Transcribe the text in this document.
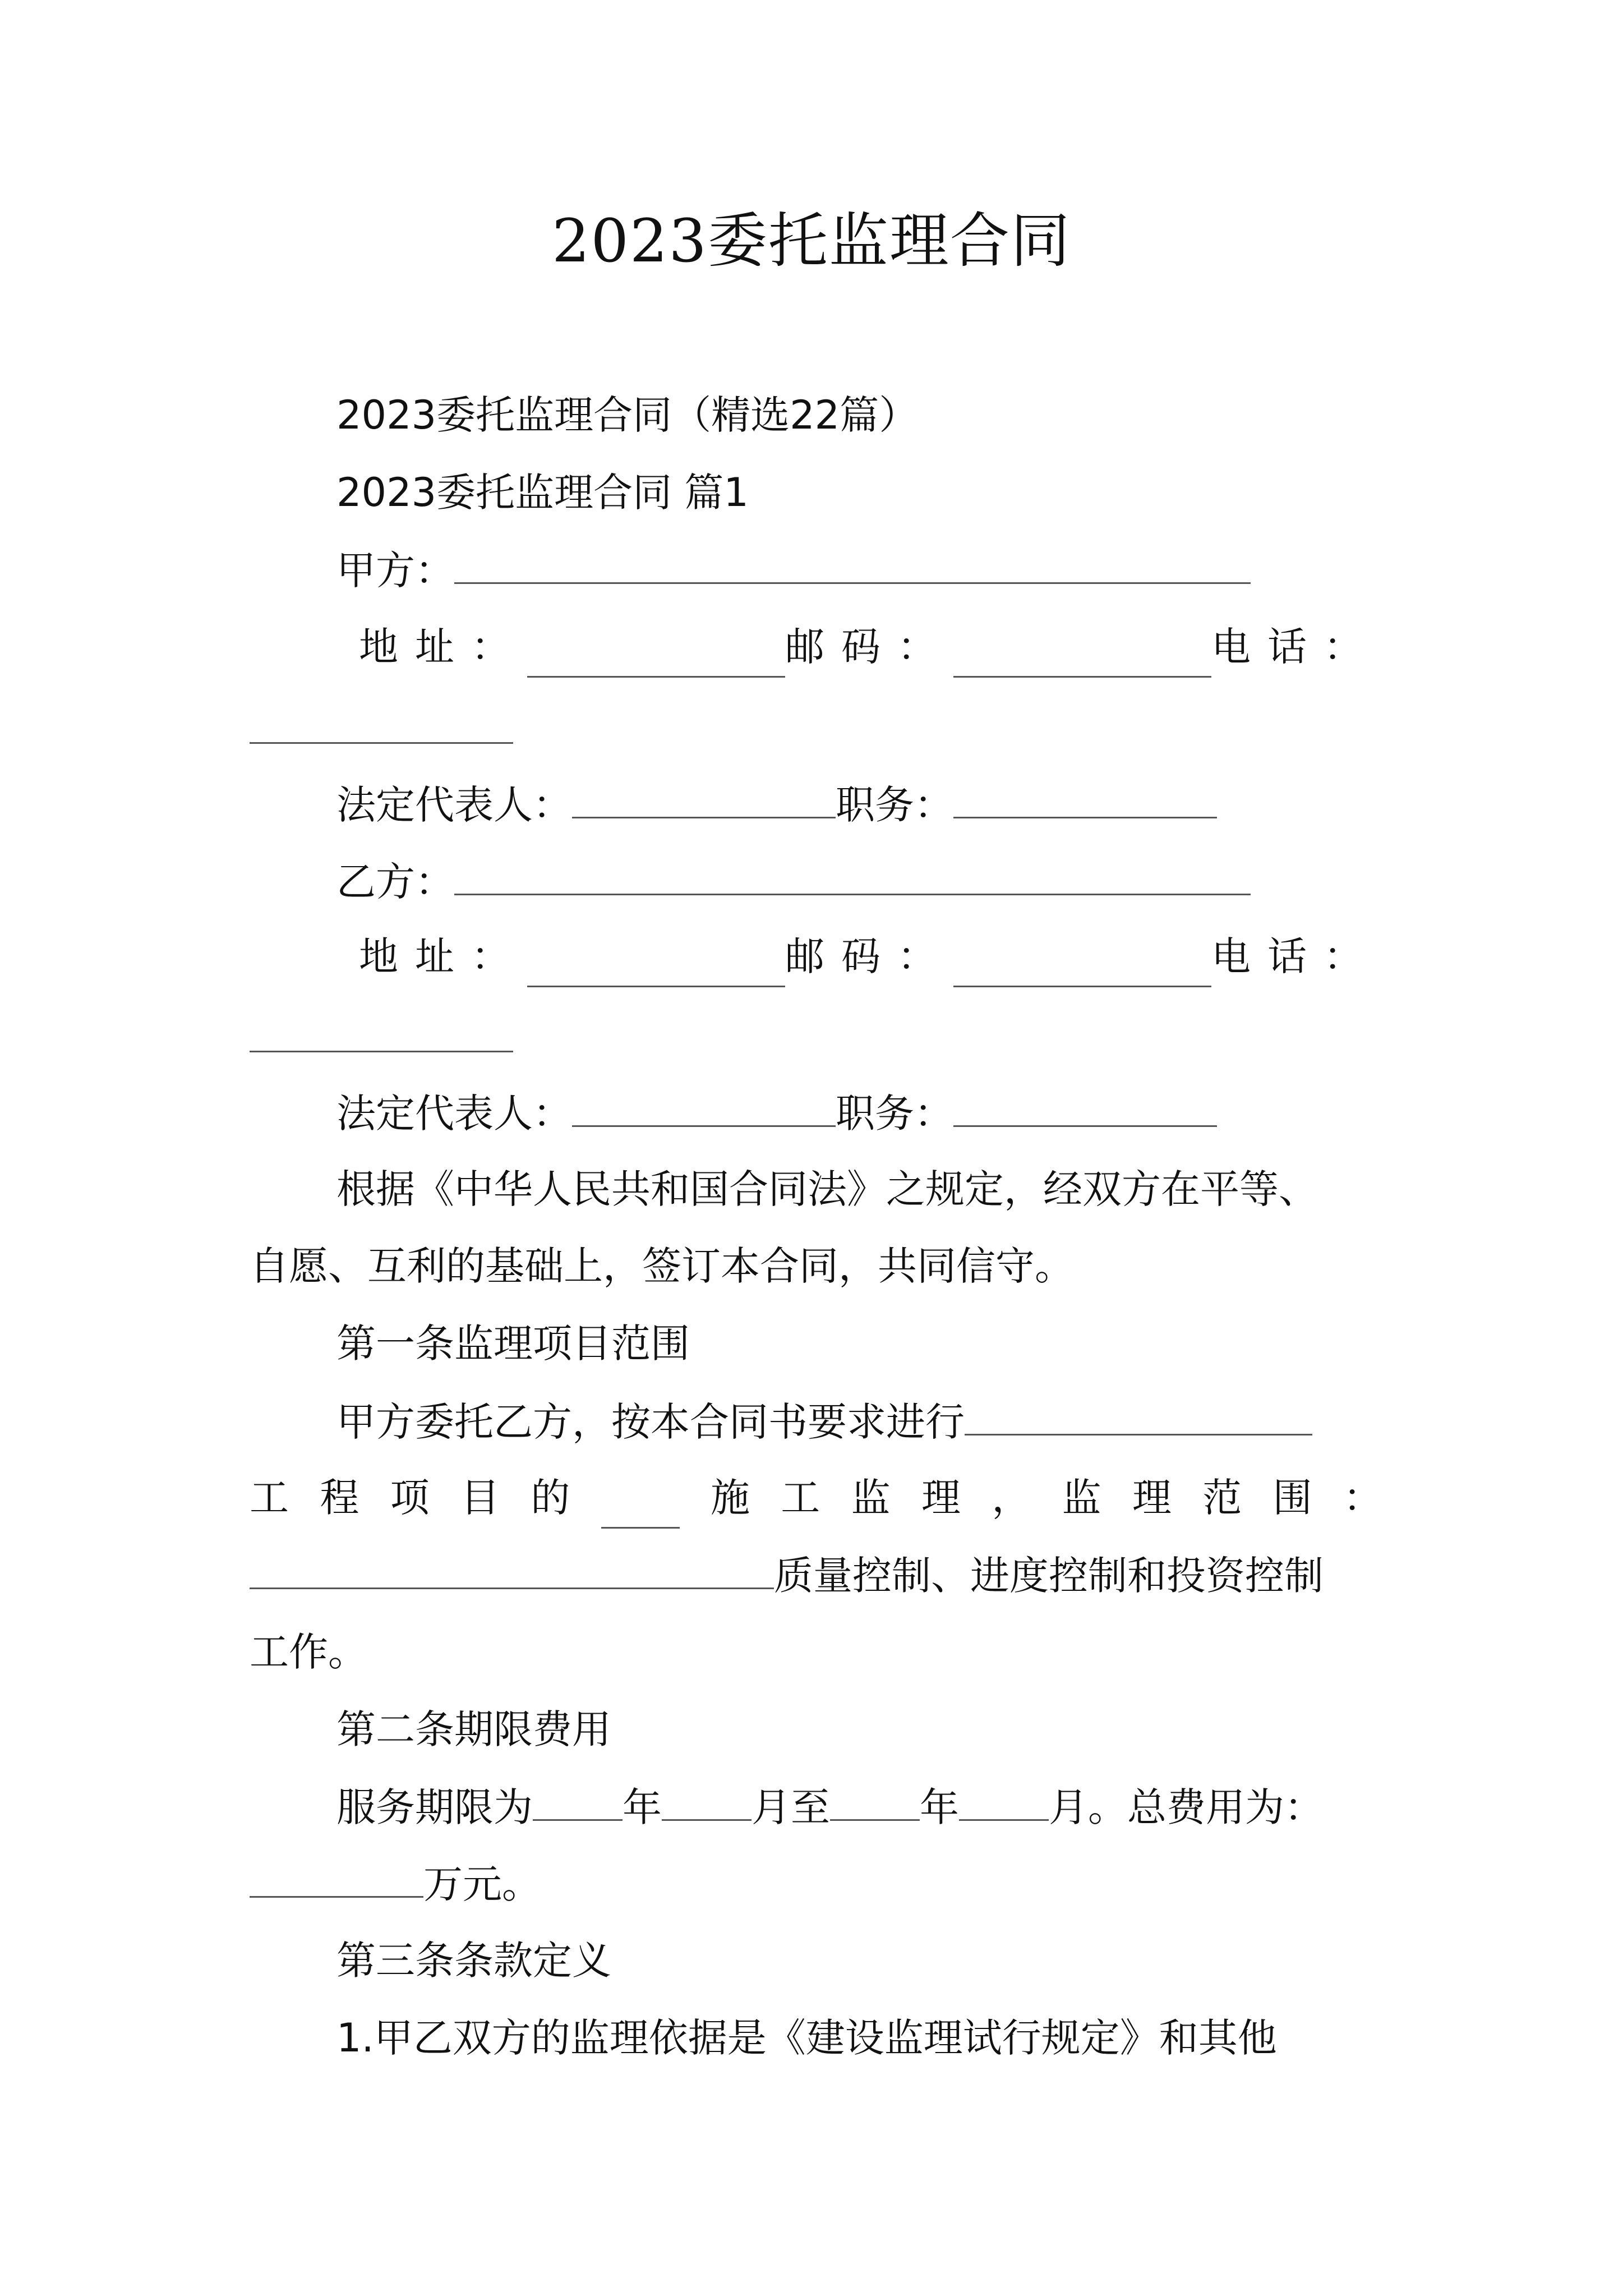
2023委托监理合同
2023委托监理合同（精选22篇）
2023委托监理合同 篇1
甲方：
地址：	邮码：	电话：
法定代表人：	职务：
乙方：
地址：	邮码：	电话：
法定代表人：	职务：
根据《中华人民共和国合同法》之规定，经双方在平等、
自愿、互利的基础上，签订本合同，共同信守。
第一条监理项目范围
甲方委托乙方，按本合同书要求进行
工 程 项 目 的	施 工 监 理 ， 监 理 范 围 ：
质量控制、进度控制和投资控制
工作。
第二条期限费用
服务期限为 年 月至 年 月。总费用为：
万元。
第三条条款定义
1.甲乙双方的监理依据是《建设监理试行规定》和其他
